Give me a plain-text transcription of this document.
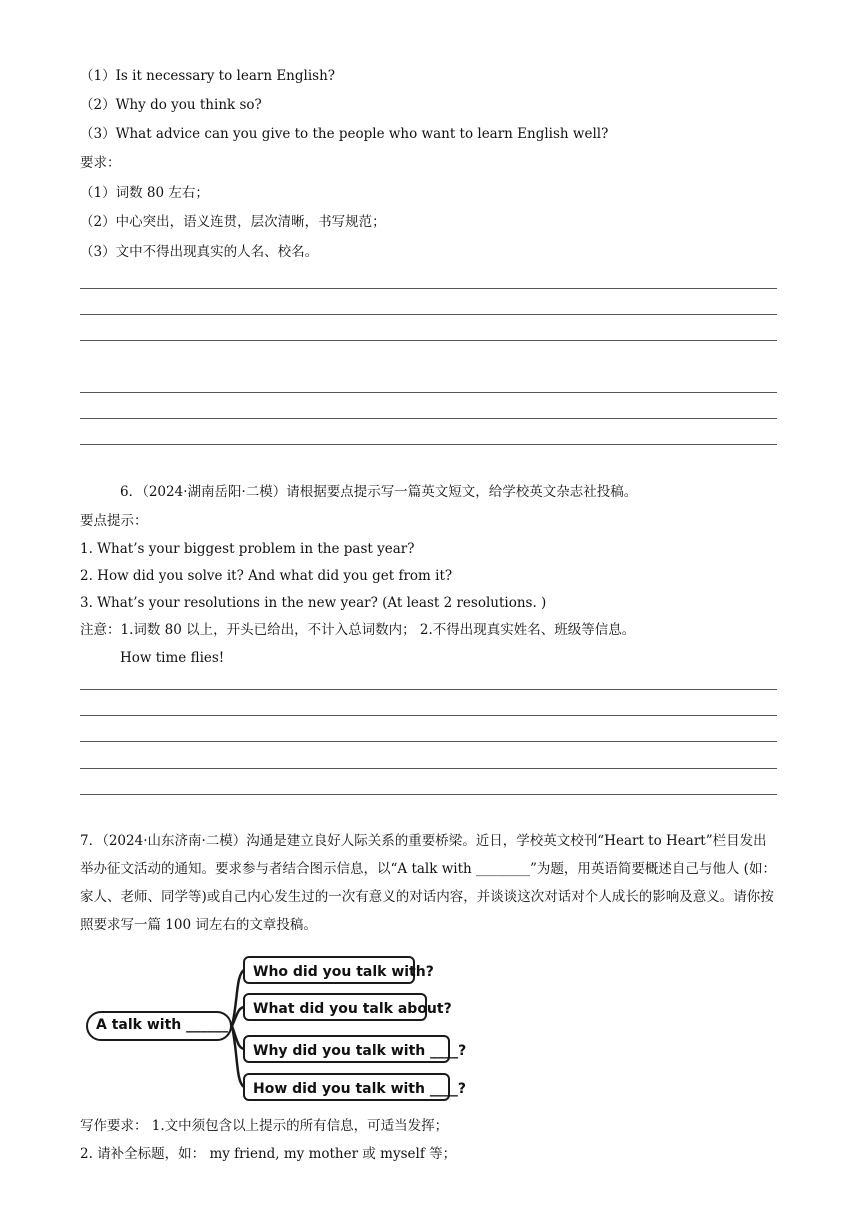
（1）Is it necessary to learn English?
（2）Why do you think so?
（3）What advice can you give to the people who want to learn English well?
要求：
（1）词数 80 左右；
（2）中心突出，语义连贯，层次清晰，书写规范；
（3）文中不得出现真实的人名、校名。
6．（2024·湖南岳阳·二模）请根据要点提示写一篇英文短文，给学校英文杂志社投稿。
要点提示：
1. What’s your biggest problem in the past year?
2. How did you solve it? And what did you get from it?
3. What’s your resolutions in the new year? (At least 2 resolutions. )
注意：1.词数 80 以上，开头已给出，不计入总词数内； 2.不得出现真实姓名、班级等信息。
How time flies!
7．（2024·山东济南·二模）沟通是建立良好人际关系的重要桥梁。近日，学校英文校刊“Heart to Heart”栏目发出举办征文活动的通知。要求参与者结合图示信息，以“A talk with ________”为题，用英语简要概述自己与他人 (如：家人、老师、同学等)或自己内心发生过的一次有意义的对话内容，并谈谈这次对话对个人成长的影响及意义。请你按照要求写一篇 100 词左右的文章投稿。
A talk with ______
Who did you talk with?
What did you talk about?
Why did you talk with ____?
How did you talk with ____?
写作要求： 1.文中须包含以上提示的所有信息，可适当发挥；
2. 请补全标题，如： my friend, my mother 或 myself 等；
